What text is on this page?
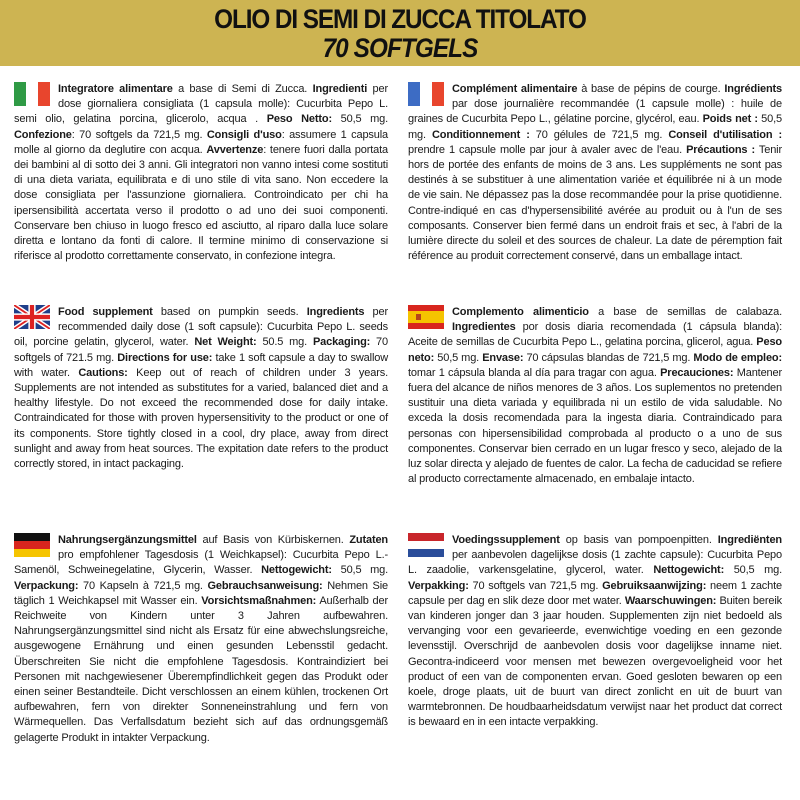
OLIO DI SEMI DI ZUCCA TITOLATO
70 SOFTGELS
Integratore alimentare a base di Semi di Zucca. Ingredienti per dose giornaliera consigliata (1 capsula molle): Cucurbita Pepo L. semi olio, gelatina porcina, glicerolo, acqua . Peso Netto: 50,5 mg. Confezione: 70 softgels da 721,5 mg. Consigli d'uso: assumere 1 capsula molle al giorno da deglutire con acqua. Avvertenze: tenere fuori dalla portata dei bambini al di sotto dei 3 anni. Gli integratori non vanno intesi come sostituti di una dieta variata, equilibrata e di uno stile di vita sano. Non eccedere la dose consigliata per l'assunzione giornaliera. Controindicato per chi ha ipersensibilità accertata verso il prodotto o ad uno dei suoi componenti. Conservare ben chiuso in luogo fresco ed asciutto, al riparo dalla luce solare diretta e lontano da fonti di calore. Il termine minimo di conservazione si riferisce al prodotto correttamente conservato, in confezione integra.
Complément alimentaire à base de pépins de courge. Ingrédients par dose journalière recommandée (1 capsule molle) : huile de graines de Cucurbita Pepo L., gélatine porcine, glycérol, eau. Poids net : 50,5 mg. Conditionnement : 70 gélules de 721,5 mg. Conseil d'utilisation : prendre 1 capsule molle par jour à avaler avec de l'eau. Précautions : Tenir hors de portée des enfants de moins de 3 ans. Les suppléments ne sont pas destinés à se substituer à une alimentation variée et équilibrée ni à un mode de vie sain. Ne dépassez pas la dose recommandée pour la prise quotidienne. Contre-indiqué en cas d'hypersensibilité avérée au produit ou à l'un de ses composants. Conserver bien fermé dans un endroit frais et sec, à l'abri de la lumière directe du soleil et des sources de chaleur. La date de péremption fait référence au produit correctement conservé, dans un emballage intact.
Food supplement based on pumpkin seeds. Ingredients per recommended daily dose (1 soft capsule): Cucurbita Pepo L. seeds oil, porcine gelatin, glycerol, water. Net Weight: 50.5 mg. Packaging: 70 softgels of 721.5 mg. Directions for use: take 1 soft capsule a day to swallow with water. Cautions: Keep out of reach of children under 3 years. Supplements are not intended as substitutes for a varied, balanced diet and a healthy lifestyle. Do not exceed the recommended dose for daily intake. Contraindicated for those with proven hypersensitivity to the product or one of its components. Store tightly closed in a cool, dry place, away from direct sunlight and away from heat sources. The expitation date refers to the product correctly stored, in intact packaging.
Complemento alimenticio a base de semillas de calabaza. Ingredientes por dosis diaria recomendada (1 cápsula blanda): Aceite de semillas de Cucurbita Pepo L., gelatina porcina, glicerol, agua. Peso neto: 50,5 mg. Envase: 70 cápsulas blandas de 721,5 mg. Modo de empleo: tomar 1 cápsula blanda al día para tragar con agua. Precauciones: Mantener fuera del alcance de niños menores de 3 años. Los suplementos no pretenden sustituir una dieta variada y equilibrada ni un estilo de vida saludable. No exceda la dosis recomendada para la ingesta diaria. Contraindicado para personas con hipersensibilidad comprobada al producto o a uno de sus componentes. Conservar bien cerrado en un lugar fresco y seco, alejado de la luz solar directa y alejado de fuentes de calor. La fecha de caducidad se refiere al producto correctamente almacenado, en embalaje intacto.
Nahrungsergänzungsmittel auf Basis von Kürbiskernen. Zutaten pro empfohlener Tagesdosis (1 Weichkapsel): Cucurbita Pepo L.-Samenöl, Schweinegelatine, Glycerin, Wasser. Nettogewicht: 50,5 mg. Verpackung: 70 Kapseln à 721,5 mg. Gebrauchsanweisung: Nehmen Sie täglich 1 Weichkapsel mit Wasser ein. Vorsichtsmaßnahmen: Außerhalb der Reichweite von Kindern unter 3 Jahren aufbewahren. Nahrungsergänzungsmittel sind nicht als Ersatz für eine abwechslungsreiche, ausgewogene Ernährung und einen gesunden Lebensstil gedacht. Überschreiten Sie nicht die empfohlene Tagesdosis. Kontraindiziert bei Personen mit nachgewiesener Überempfindlichkeit gegen das Produkt oder einen seiner Bestandteile. Dicht verschlossen an einem kühlen, trockenen Ort aufbewahren, fern von direkter Sonneneinstrahlung und fern von Wärmequellen. Das Verfallsdatum bezieht sich auf das ordnungsgemäß gelagerte Produkt in intakter Verpackung.
Voedingssupplement op basis van pompoenpitten. Ingrediënten per aanbevolen dagelijkse dosis (1 zachte capsule): Cucurbita Pepo L. zaadolie, varkensgelatine, glycerol, water. Nettogewicht: 50,5 mg. Verpakking: 70 softgels van 721,5 mg. Gebruiksaanwijzing: neem 1 zachte capsule per dag en slik deze door met water. Waarschuwingen: Buiten bereik van kinderen jonger dan 3 jaar houden. Supplementen zijn niet bedoeld als vervanging voor een gevarieerde, evenwichtige voeding en een gezonde levensstijl. Overschrijd de aanbevolen dosis voor dagelijkse inname niet. Gecontra-indiceerd voor mensen met bewezen overgevoeligheid voor het product of een van de componenten ervan. Goed gesloten bewaren op een koele, droge plaats, uit de buurt van direct zonlicht en uit de buurt van warmtebronnen. De houdbaarheidsdatum verwijst naar het product dat correct is bewaard en in een intacte verpakking.
